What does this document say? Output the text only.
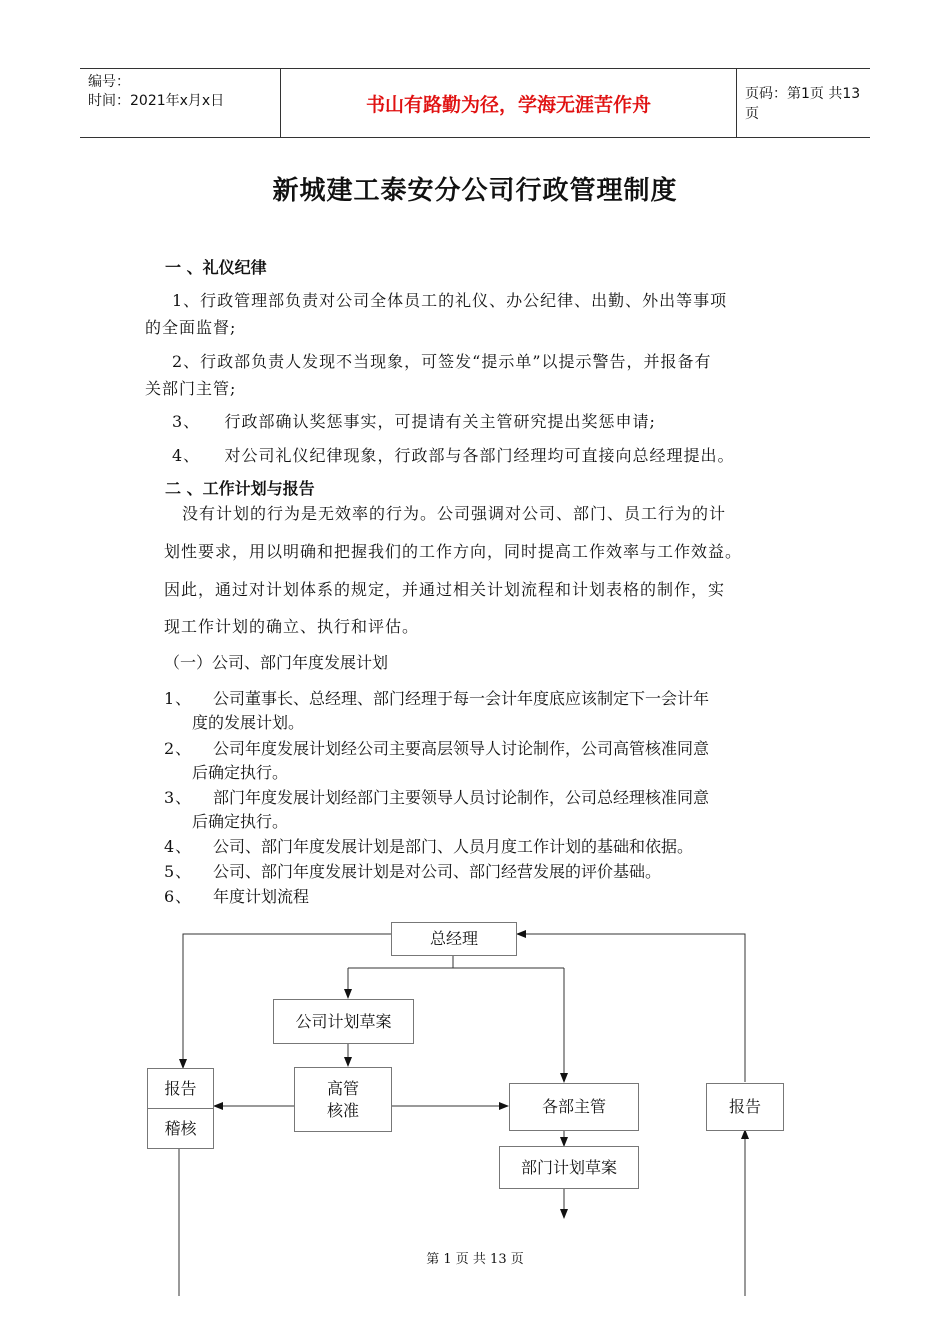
编号：
时间：2021年x月x日	书山有路勤为径，学海无涯苦作舟	页码：第1页 共13页
新城建工泰安分公司行政管理制度
一 、礼仪纪律
1、行政管理部负责对公司全体员工的礼仪、办公纪律、出勤、外出等事项
的全面监督;
2、行政部负责人发现不当现象，可签发“提示单”以提示警告，并报备有
关部门主管;
3、    行政部确认奖惩事实，可提请有关主管研究提出奖惩申请;
4、    对公司礼仪纪律现象，行政部与各部门经理均可直接向总经理提出。
二 、工作计划与报告
没有计划的行为是无效率的行为。公司强调对公司、部门、员工行为的计
划性要求，用以明确和把握我们的工作方向，同时提高工作效率与工作效益。
因此，通过对计划体系的规定，并通过相关计划流程和计划表格的制作，实
现工作计划的确立、执行和评估。
（一）公司、部门年度发展计划
1、 公司董事长、总经理、部门经理于每一会计年度底应该制定下一会计年
度的发展计划。
2、 公司年度发展计划经公司主要高层领导人讨论制作，公司高管核准同意
后确定执行。
3、 部门年度发展计划经部门主要领导人员讨论制作，公司总经理核准同意
后确定执行。
4、 公司、部门年度发展计划是部门、人员月度工作计划的基础和依据。
5、 公司、部门年度发展计划是对公司、部门经营发展的评价基础。
6、 年度计划流程
总经理
公司计划草案
高管
核准	各部主管
部门计划草案
报告
稽核
报告
第 1 页 共 13 页
